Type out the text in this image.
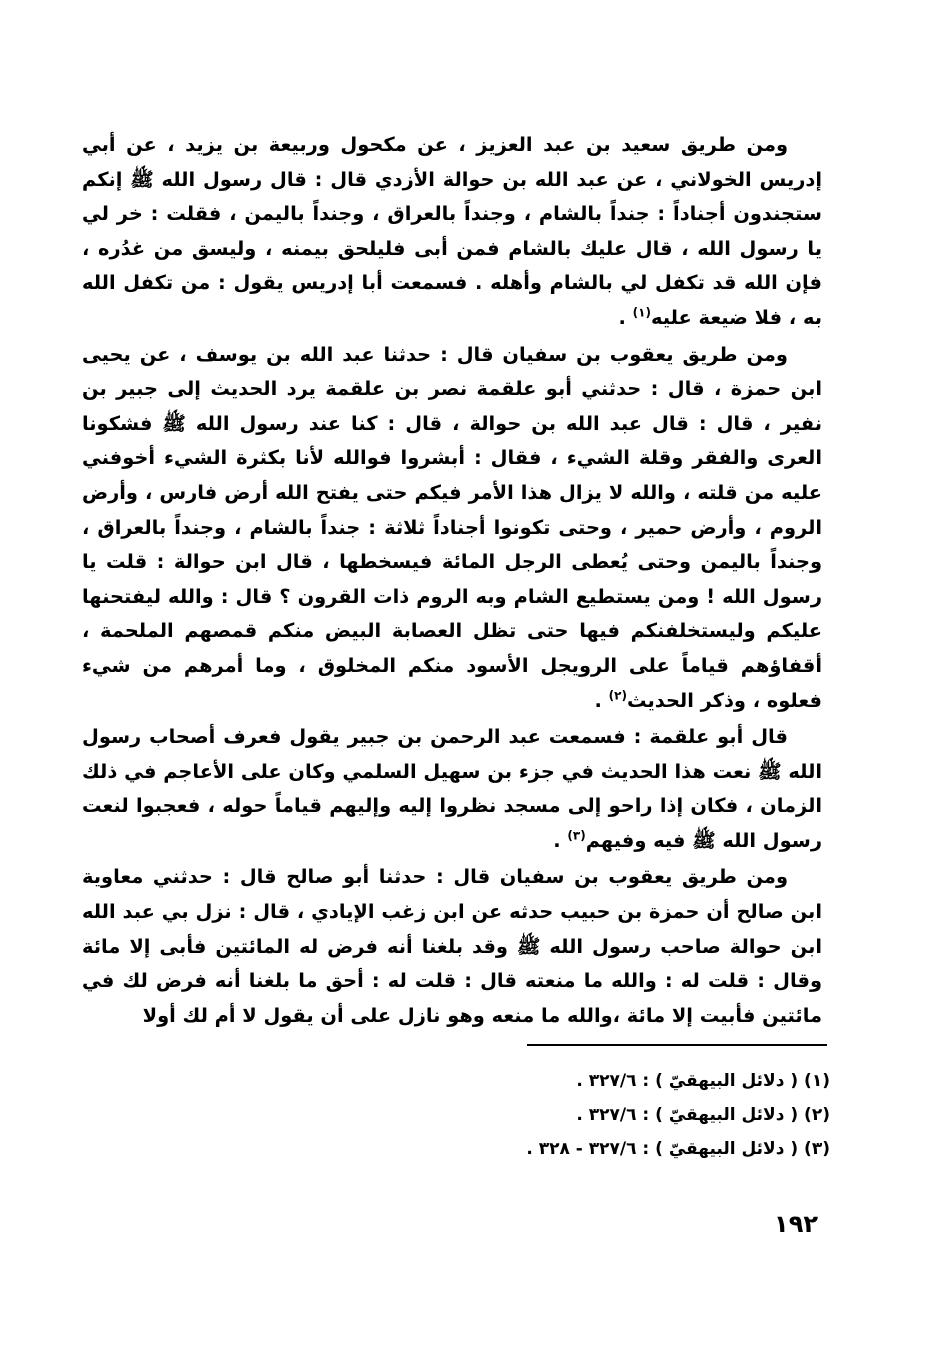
ومن طريق سعيد بن عبد العزيز ، عن مكحول وربيعة بن يزيد ، عن أبي إدريس الخولاني ، عن عبد الله بن حوالة الأزدي قال : قال رسول الله ﷺ إنكم ستجندون أجناداً : جنداً بالشام ، وجنداً بالعراق ، وجنداً باليمن ، فقلت : خر لي يا رسول الله ، قال عليك بالشام فمن أبى فليلحق بيمنه ، وليسق من غدُره ، فإن الله قد تكفل لي بالشام وأهله . فسمعت أبا إدريس يقول : من تكفل الله به ، فلا ضيعة عليه$^{(١)}$ .

ومن طريق يعقوب بن سفيان قال : حدثنا عبد الله بن يوسف ، عن يحيى ابن حمزة ، قال : حدثني أبو علقمة نصر بن علقمة يرد الحديث إلى جبير بن نفير ، قال : قال عبد الله بن حوالة ، قال : كنا عند رسول الله ﷺ فشكونا العرى والفقر وقلة الشيء ، فقال : أبشروا فوالله لأنا بكثرة الشيء أخوفني عليه من قلته ، والله لا يزال هذا الأمر فيكم حتى يفتح الله أرض فارس ، وأرض الروم ، وأرض حمير ، وحتى تكونوا أجناداً ثلاثة : جنداً بالشام ، وجنداً بالعراق ، وجنداً باليمن وحتى يُعطى الرجل المائة فيسخطها ، قال ابن حوالة : قلت يا رسول الله ! ومن يستطيع الشام وبه الروم ذات القرون ؟ قال : والله ليفتحنها عليكم وليستخلفنكم فيها حتى تظل العصابة البيض منكم قمصهم الملحمة ، أقفاؤهم قياماً على الرويجل الأسود منكم المخلوق ، وما أمرهم من شيء فعلوه ، وذكر الحديث$^{(٢)}$ .

قال أبو علقمة : فسمعت عبد الرحمن بن جبير يقول فعرف أصحاب رسول الله ﷺ نعت هذا الحديث في جزء بن سهيل السلمي وكان على الأعاجم في ذلك الزمان ، فكان إذا راحو إلى مسجد نظروا إليه وإليهم قياماً حوله ، فعجبوا لنعت رسول الله ﷺ فيه وفيهم$^{(٣)}$ .

ومن طريق يعقوب بن سفيان قال : حدثنا أبو صالح قال : حدثني معاوية ابن صالح أن حمزة بن حبيب حدثه عن ابن زغب الإيادي ، قال : نزل بي عبد الله ابن حوالة صاحب رسول الله ﷺ وقد بلغنا أنه فرض له المائتين فأبى إلا مائة وقال : قلت له : والله ما منعته قال : قلت له : أحق ما بلغنا أنه فرض لك في مائتين فأبيت إلا مائة ،والله ما منعه وهو نازل على أن يقول لا أم لك أولا

(١) ( دلائل البيهقيّ ) : ٣٢٧/٦ .
(٢) ( دلائل البيهقيّ ) : ٣٢٧/٦ .
(٣) ( دلائل البيهقيّ ) : ٣٢٧/٦ - ٣٢٨ .
١٩٢
